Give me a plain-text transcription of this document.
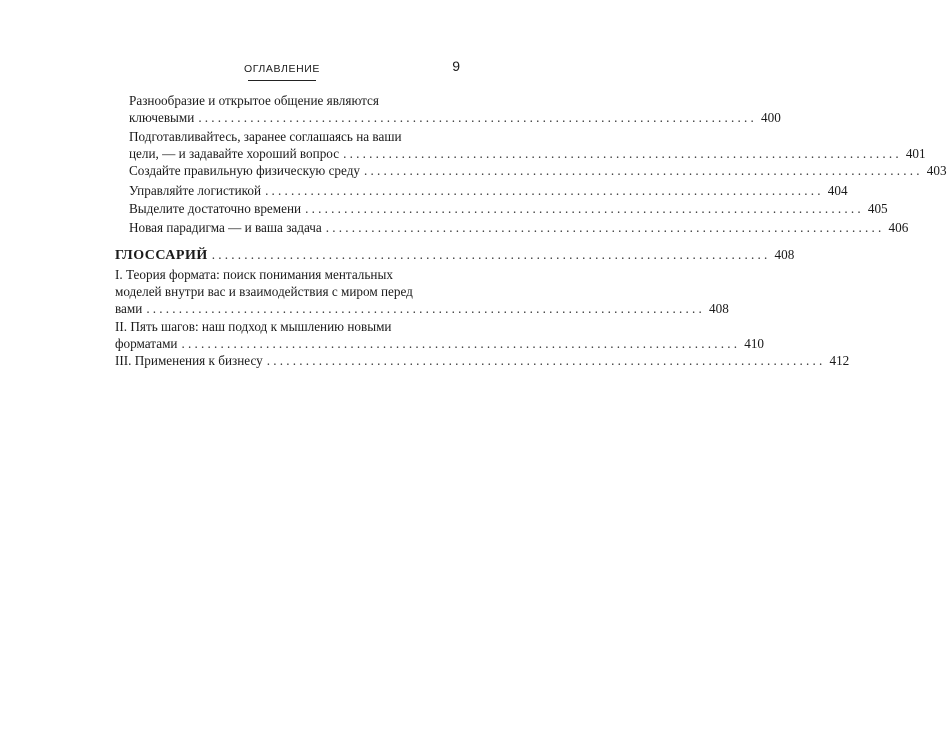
ОГЛАВЛЕНИЕ	9
Разнообразие и открытое общение являются
ключевыми ...................................................................................... 400
Подготавливайтесь, заранее соглашаясь на ваши
цели, — и задавайте хороший вопрос ...................................................................................... 401
Создайте правильную физическую среду ...................................................................................... 403
Управляйте логистикой ...................................................................................... 404
Выделите достаточно времени ...................................................................................... 405
Новая парадигма — и ваша задача ...................................................................................... 406
ГЛОССАРИЙ ...................................................................................... 408
I. Теория формата: поиск понимания ментальных
моделей внутри вас и взаимодействия с миром перед
вами ...................................................................................... 408
II. Пять шагов: наш подход к мышлению новыми
форматами ...................................................................................... 410
III. Применения к бизнесу ...................................................................................... 412
